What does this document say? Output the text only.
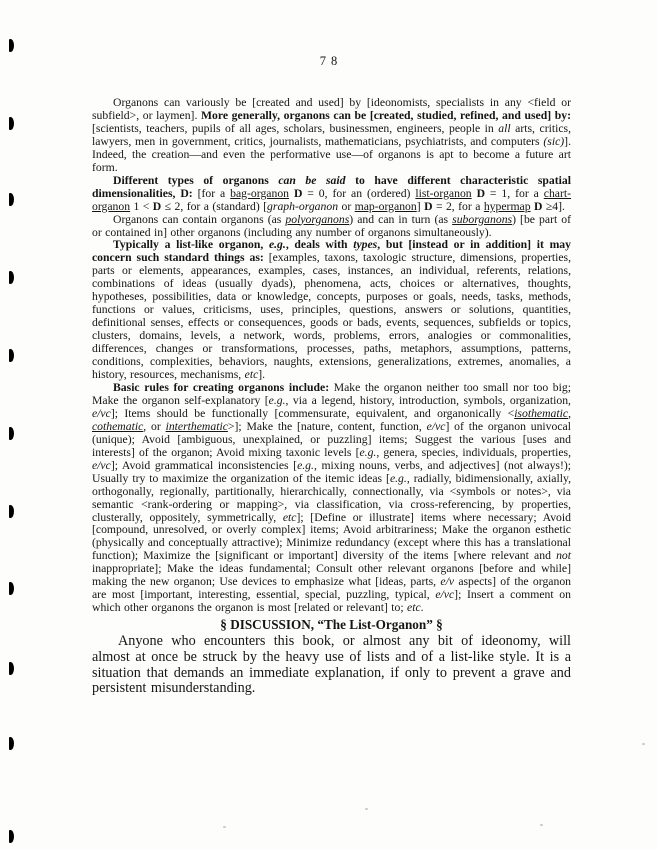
78

Organons can variously be [created and used] by [ideonomists, specialists in any <field or subfield>, or laymen]. More generally, organons can be [created, studied, refined, and used] by: [scientists, teachers, pupils of all ages, scholars, businessmen, engineers, people in all arts, critics, lawyers, men in government, critics, journalists, mathematicians, psychiatrists, and computers (sic)]. Indeed, the creation—and even the performative use—of organons is apt to become a future art form.

Different types of organons can be said to have different characteristic spatial dimensionalities, D: [for a bag-organon D = 0, for an (ordered) list-organon D = 1, for a chart-organon 1 < D ≤ 2, for a (standard) [graph-organon or map-organon] D = 2, for a hypermap D ≥4].

Organons can contain organons (as polyorganons) and can in turn (as suborganons) [be part of or contained in] other organons (including any number of organons simultaneously).

Typically a list-like organon, e.g., deals with types, but [instead or in addition] it may concern such standard things as: [examples, taxons, taxologic structure, dimensions, properties, parts or elements, appearances, examples, cases, instances, an individual, referents, relations, combinations of ideas (usually dyads), phenomena, acts, choices or alternatives, thoughts, hypotheses, possibilities, data or knowledge, concepts, purposes or goals, needs, tasks, methods, functions or values, criticisms, uses, principles, questions, answers or solutions, quantities, definitional senses, effects or consequences, goods or bads, events, sequences, subfields or topics, clusters, domains, levels, a network, words, problems, errors, analogies or commonalities, differences, changes or transformations, processes, paths, metaphors, assumptions, patterns, conditions, complexities, behaviors, naughts, extensions, generalizations, extremes, anomalies, a history, resources, mechanisms, etc].

Basic rules for creating organons include: Make the organon neither too small nor too big; Make the organon self-explanatory [e.g., via a legend, history, introduction, symbols, organization, e/vc]; Items should be functionally [commensurate, equivalent, and organonically <isothematic, cothematic, or interthematic>]; Make the [nature, content, function, e/vc] of the organon univocal (unique); Avoid [ambiguous, unexplained, or puzzling] items; Suggest the various [uses and interests] of the organon; Avoid mixing taxonic levels [e.g., genera, species, individuals, properties, e/vc]; Avoid grammatical inconsistencies [e.g., mixing nouns, verbs, and adjectives] (not always!); Usually try to maximize the organization of the itemic ideas [e.g., radially, bidimensionally, axially, orthogonally, regionally, partitionally, hierarchically, connectionally, via <symbols or notes>, via semantic <rank-ordering or mapping>, via classification, via cross-referencing, by properties, clusterally, oppositely, symmetrically, etc]; [Define or illustrate] items where necessary; Avoid [compound, unresolved, or overly complex] items; Avoid arbitrariness; Make the organon esthetic (physically and conceptually attractive); Minimize redundancy (except where this has a translational function); Maximize the [significant or important] diversity of the items [where relevant and not inappropriate]; Make the ideas fundamental; Consult other relevant organons [before and while] making the new organon; Use devices to emphasize what [ideas, parts, e/v aspects] of the organon are most [important, interesting, essential, special, puzzling, typical, e/vc]; Insert a comment on which other organons the organon is most [related or relevant] to; etc.

§ DISCUSSION, “The List-Organon” §

Anyone who encounters this book, or almost any bit of ideonomy, will almost at once be struck by the heavy use of lists and of a list-like style. It is a situation that demands an immediate explanation, if only to prevent a grave and persistent misunderstanding.
